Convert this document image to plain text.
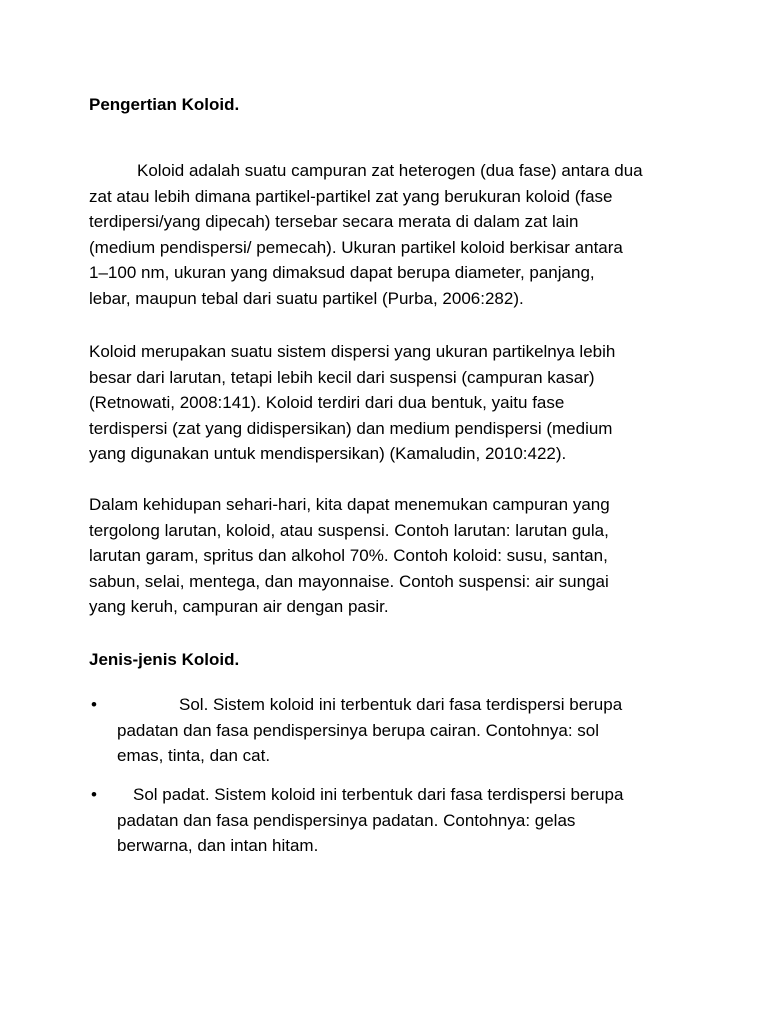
Pengertian Koloid.
Koloid adalah suatu campuran zat heterogen (dua fase) antara dua
zat atau lebih dimana partikel-partikel zat yang berukuran koloid (fase
terdipersi/yang dipecah) tersebar secara merata di dalam zat lain
(medium pendispersi/ pemecah). Ukuran partikel koloid berkisar antara
1–100 nm, ukuran yang dimaksud dapat berupa diameter, panjang,
lebar, maupun tebal dari suatu partikel (Purba, 2006:282).
Koloid merupakan suatu sistem dispersi yang ukuran partikelnya lebih
besar dari larutan, tetapi lebih kecil dari suspensi (campuran kasar)
(Retnowati, 2008:141). Koloid terdiri dari dua bentuk, yaitu fase
terdispersi (zat yang didispersikan) dan medium pendispersi (medium
yang digunakan untuk mendispersikan) (Kamaludin, 2010:422).
Dalam kehidupan sehari-hari, kita dapat menemukan campuran yang
tergolong larutan, koloid, atau suspensi. Contoh larutan: larutan gula,
larutan garam, spritus dan alkohol 70%. Contoh koloid: susu, santan,
sabun, selai, mentega, dan mayonnaise. Contoh suspensi: air sungai
yang keruh, campuran air dengan pasir.
Jenis-jenis Koloid.
•	Sol. Sistem koloid ini terbentuk dari fasa terdispersi berupa
padatan dan fasa pendispersinya berupa cairan. Contohnya: sol
emas, tinta, dan cat.
•	Sol padat. Sistem koloid ini terbentuk dari fasa terdispersi berupa
padatan dan fasa pendispersinya padatan. Contohnya: gelas
berwarna, dan intan hitam.
